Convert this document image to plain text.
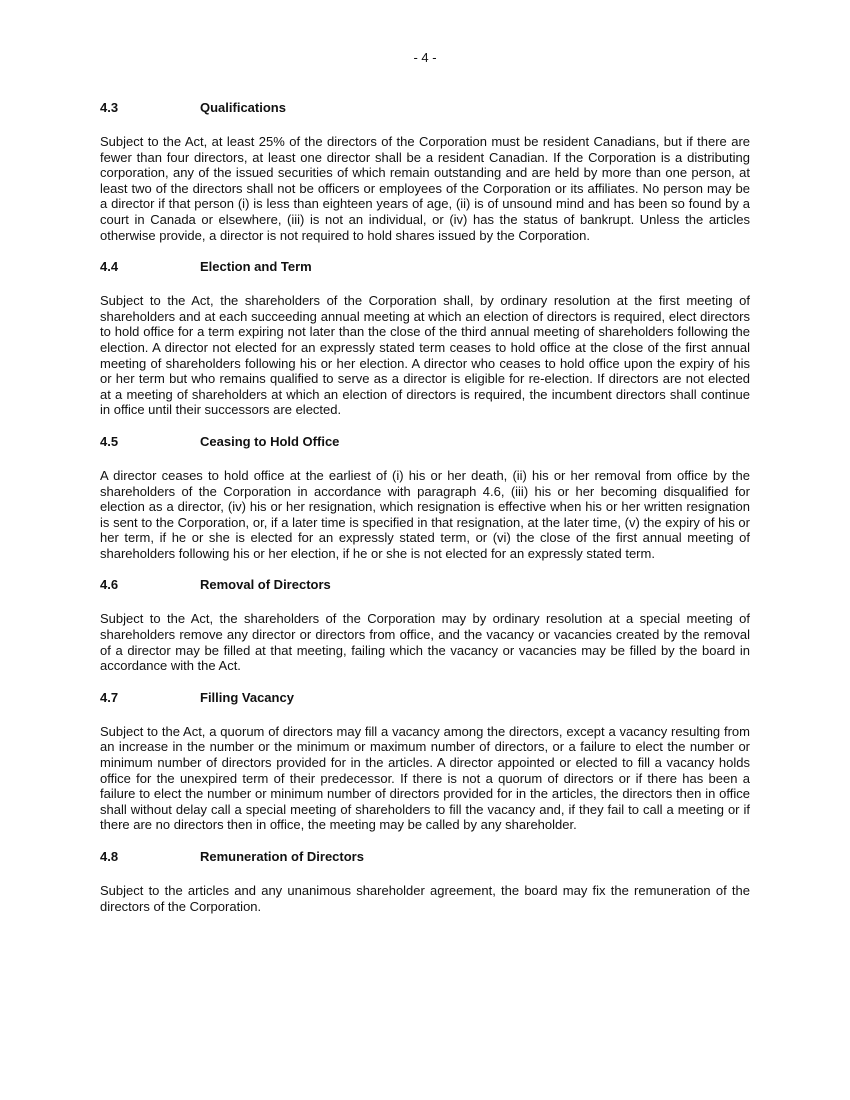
- 4 -
4.3	Qualifications

Subject to the Act, at least 25% of the directors of the Corporation must be resident Canadians, but if there are fewer than four directors, at least one director shall be a resident Canadian. If the Corporation is a distributing corporation, any of the issued securities of which remain outstanding and are held by more than one person, at least two of the directors shall not be officers or employees of the Corporation or its affiliates. No person may be a director if that person (i) is less than eighteen years of age, (ii) is of unsound mind and has been so found by a court in Canada or elsewhere, (iii) is not an individual, or (iv) has the status of bankrupt. Unless the articles otherwise provide, a director is not required to hold shares issued by the Corporation.

4.4	Election and Term

Subject to the Act, the shareholders of the Corporation shall, by ordinary resolution at the first meeting of shareholders and at each succeeding annual meeting at which an election of directors is required, elect directors to hold office for a term expiring not later than the close of the third annual meeting of shareholders following the election. A director not elected for an expressly stated term ceases to hold office at the close of the first annual meeting of shareholders following his or her election. A director who ceases to hold office upon the expiry of his or her term but who remains qualified to serve as a director is eligible for re-election. If directors are not elected at a meeting of shareholders at which an election of directors is required, the incumbent directors shall continue in office until their successors are elected.

4.5	Ceasing to Hold Office

A director ceases to hold office at the earliest of (i) his or her death, (ii) his or her removal from office by the shareholders of the Corporation in accordance with paragraph 4.6, (iii) his or her becoming disqualified for election as a director, (iv) his or her resignation, which resignation is effective when his or her written resignation is sent to the Corporation, or, if a later time is specified in that resignation, at the later time, (v) the expiry of his or her term, if he or she is elected for an expressly stated term, or (vi) the close of the first annual meeting of shareholders following his or her election, if he or she is not elected for an expressly stated term.

4.6	Removal of Directors

Subject to the Act, the shareholders of the Corporation may by ordinary resolution at a special meeting of shareholders remove any director or directors from office, and the vacancy or vacancies created by the removal of a director may be filled at that meeting, failing which the vacancy or vacancies may be filled by the board in accordance with the Act.

4.7	Filling Vacancy

Subject to the Act, a quorum of directors may fill a vacancy among the directors, except a vacancy resulting from an increase in the number or the minimum or maximum number of directors, or a failure to elect the number or minimum number of directors provided for in the articles. A director appointed or elected to fill a vacancy holds office for the unexpired term of their predecessor. If there is not a quorum of directors or if there has been a failure to elect the number or minimum number of directors provided for in the articles, the directors then in office shall without delay call a special meeting of shareholders to fill the vacancy and, if they fail to call a meeting or if there are no directors then in office, the meeting may be called by any shareholder.

4.8	Remuneration of Directors

Subject to the articles and any unanimous shareholder agreement, the board may fix the remuneration of the directors of the Corporation.
